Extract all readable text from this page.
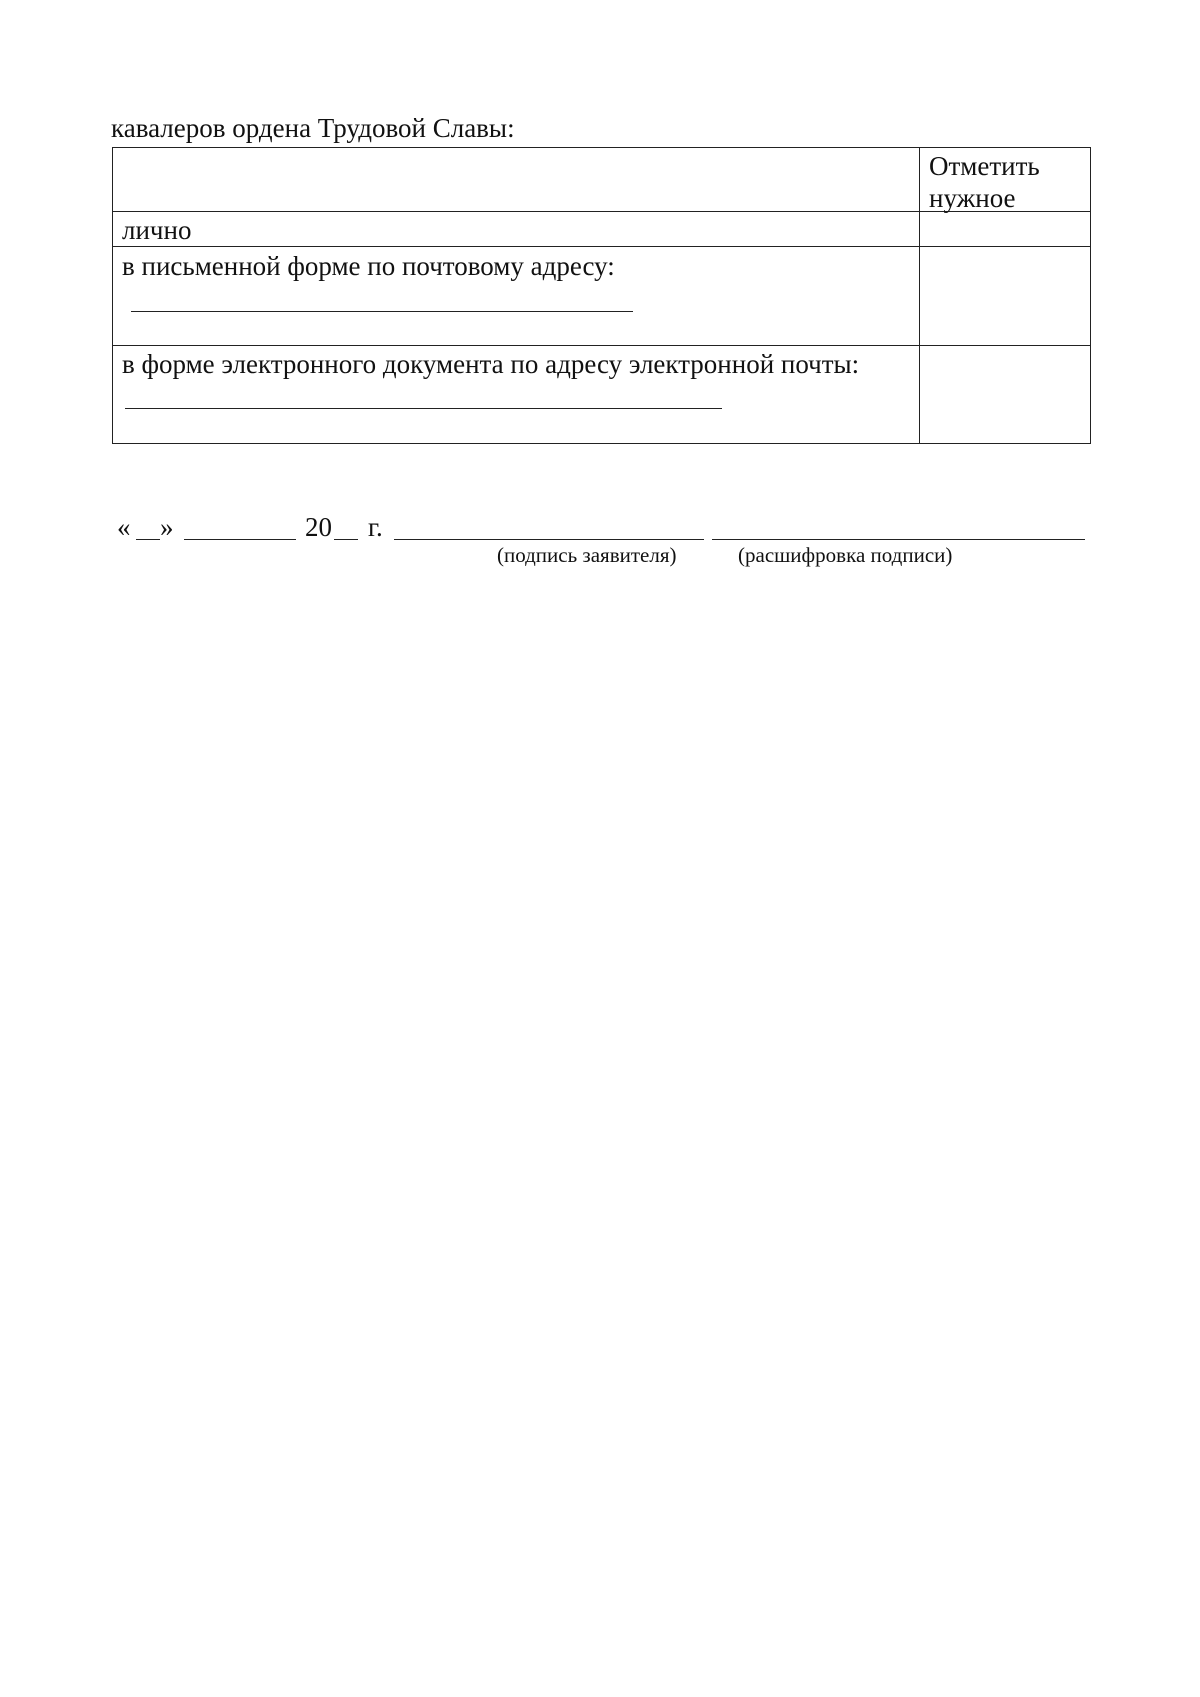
кавалеров ордена Трудовой Славы:
Отметить нужное
лично
в письменной форме по почтовому адресу:
в форме электронного документа по адресу электронной почты:
« »	20 г.
(подпись заявителя)	(расшифровка подписи)
